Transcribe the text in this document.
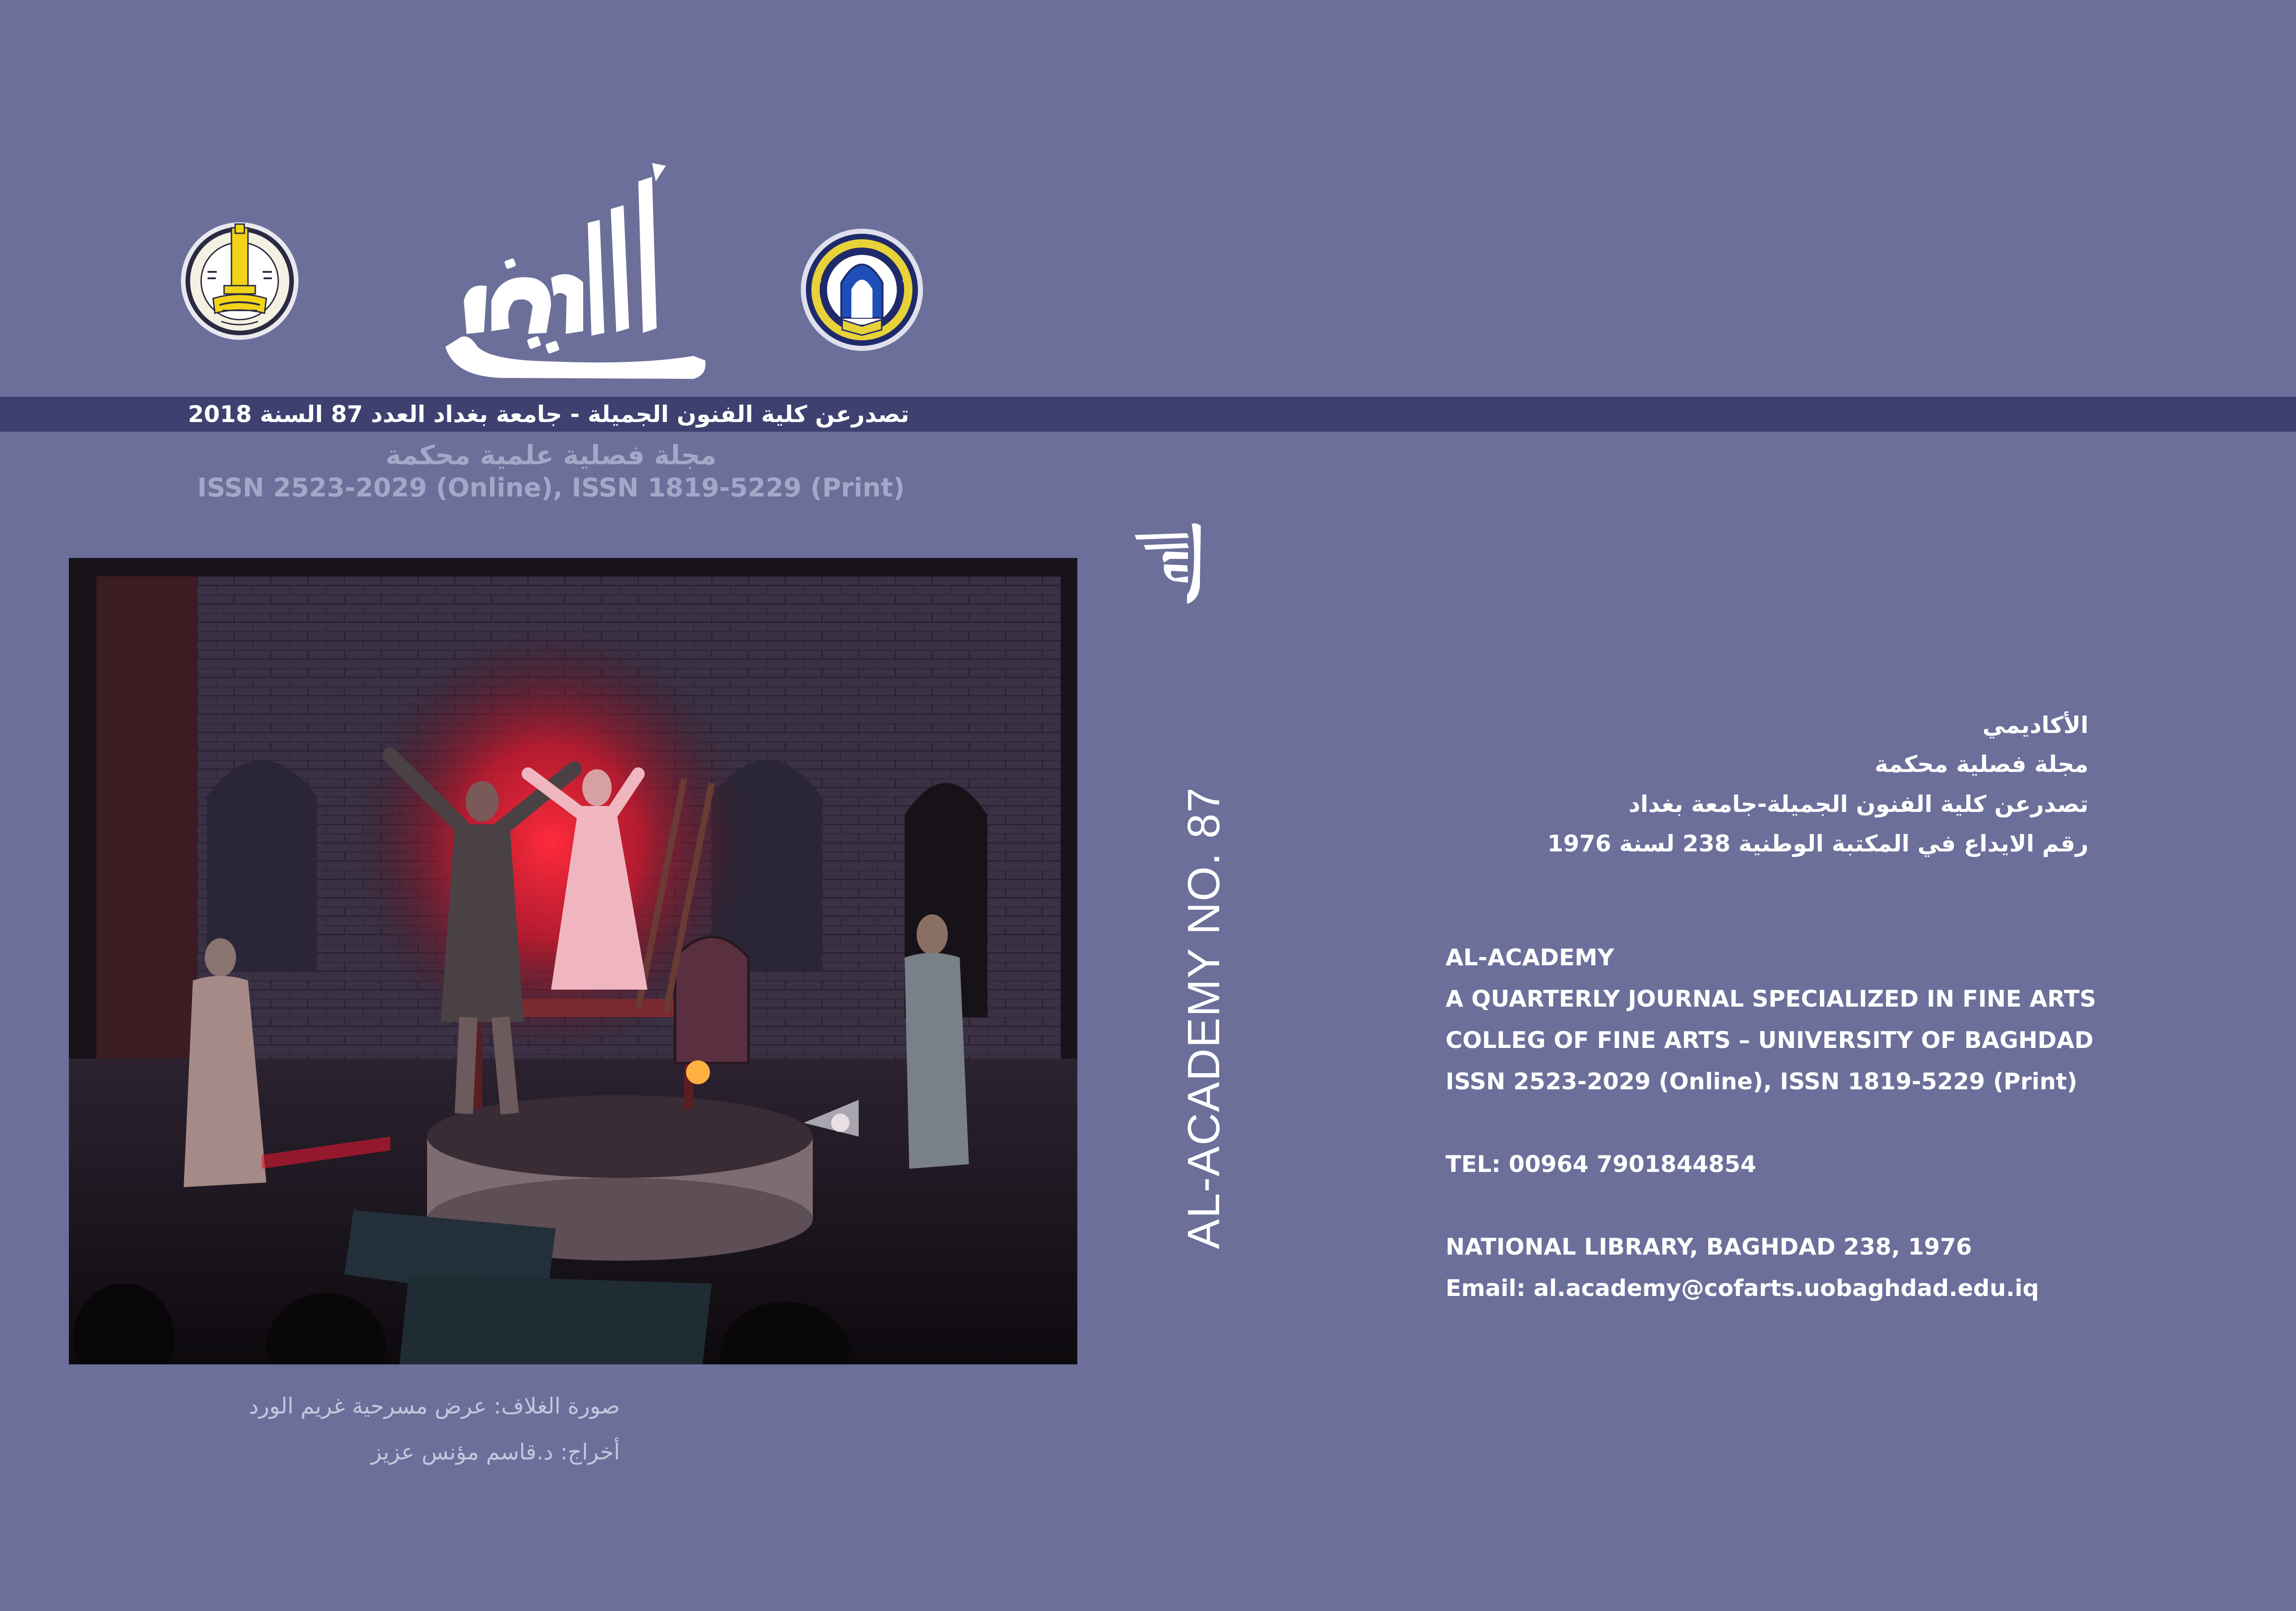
تصدرعن كلية الفنون الجميلة - جامعة بغداد العدد 87 السنة 2018
مجلة فصلية علمية محكمة
ISSN 2523-2029 (Online), ISSN 1819-5229 (Print)
صورة الغلاف: عرض مسرحية غريم الورد
أخراج: د.قاسم مؤنس عزيز
AL-ACADEMY NO. 87
الأكاديمي
مجلة فصلية محكمة
تصدرعن كلية الفنون الجميلة-جامعة بغداد
رقم الايداع في المكتبة الوطنية 238 لسنة 1976
AL-ACADEMY
A QUARTERLY JOURNAL SPECIALIZED IN FINE ARTS
COLLEG OF FINE ARTS – UNIVERSITY OF BAGHDAD
ISSN 2523-2029 (Online), ISSN 1819-5229 (Print)
TEL: 00964 7901844854
NATIONAL LIBRARY, BAGHDAD 238, 1976
Email: al.academy@cofarts.uobaghdad.edu.iq
